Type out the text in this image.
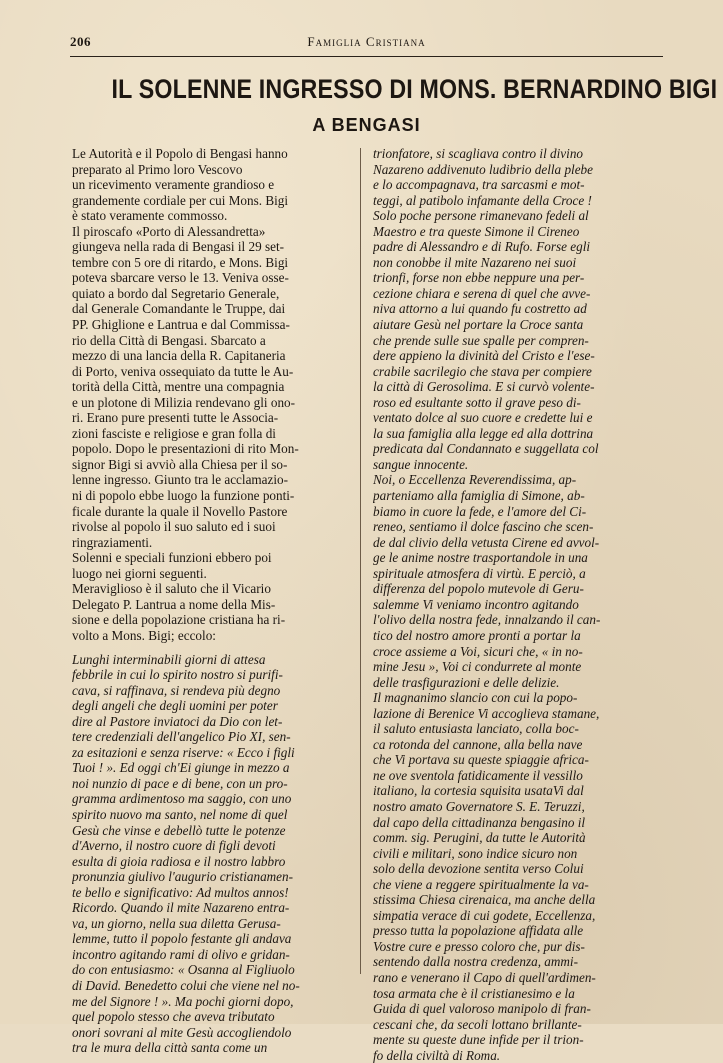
206	Famiglia Cristiana
IL SOLENNE INGRESSO DI MONS. BERNARDINO BIGI
A BENGASI
Le Autorità e il Popolo di Bengasi hanno
preparato al Primo loro Vescovo
un ricevimento veramente grandioso e
grandemente cordiale per cui Mons. Bigi
è stato veramente commosso.
Il piroscafo «Porto di Alessandretta»
giungeva nella rada di Bengasi il 29 set-
tembre con 5 ore di ritardo, e Mons. Bigi
poteva sbarcare verso le 13. Veniva osse-
quiato a bordo dal Segretario Generale,
dal Generale Comandante le Truppe, dai
PP. Ghiglione e Lantrua e dal Commissa-
rio della Città di Bengasi. Sbarcato a
mezzo di una lancia della R. Capitaneria
di Porto, veniva ossequiato da tutte le Au-
torità della Città, mentre una compagnia
e un plotone di Milizia rendevano gli ono-
ri. Erano pure presenti tutte le Associa-
zioni fasciste e religiose e gran folla di
popolo. Dopo le presentazioni di rito Mon-
signor Bigi si avviò alla Chiesa per il so-
lenne ingresso. Giunto tra le acclamazio-
ni di popolo ebbe luogo la funzione ponti-
ficale durante la quale il Novello Pastore
rivolse al popolo il suo saluto ed i suoi
ringraziamenti.
Solenni e speciali funzioni ebbero poi
luogo nei giorni seguenti.
Meraviglioso è il saluto che il Vicario
Delegato P. Lantrua a nome della Mis-
sione e della popolazione cristiana ha ri-
volto a Mons. Bigi; eccolo:
Lunghi interminabili giorni di attesa
febbrile in cui lo spirito nostro si purifi-
cava, si raffinava, si rendeva più degno
degli angeli che degli uomini per poter
dire al Pastore inviatoci da Dio con let-
tere credenziali dell'angelico Pio XI, sen-
za esitazioni e senza riserve: « Ecco i figli
Tuoi ! ». Ed oggi ch'Ei giunge in mezzo a
noi nunzio di pace e di bene, con un pro-
gramma ardimentoso ma saggio, con uno
spirito nuovo ma santo, nel nome di quel
Gesù che vinse e debellò tutte le potenze
d'Averno, il nostro cuore di figli devoti
esulta di gioia radiosa e il nostro labbro
pronunzia giulivo l'augurio cristianamen-
te bello e significativo: Ad multos annos!
Ricordo. Quando il mite Nazareno entra-
va, un giorno, nella sua diletta Gerusa-
lemme, tutto il popolo festante gli andava
incontro agitando rami di olivo e gridan-
do con entusiasmo: « Osanna al Figliuolo
di David. Benedetto colui che viene nel no-
me del Signore ! ». Ma pochi giorni dopo,
quel popolo stesso che aveva tributato
onori sovrani al mite Gesù accogliendolo
tra le mura della città santa come un
trionfatore, si scagliava contro il divino
Nazareno addivenuto ludibrio della plebe
e lo accompagnava, tra sarcasmi e mot-
teggi, al patibolo infamante della Croce !
Solo poche persone rimanevano fedeli al
Maestro e tra queste Simone il Cireneo
padre di Alessandro e di Rufo. Forse egli
non conobbe il mite Nazareno nei suoi
trionfi, forse non ebbe neppure una per-
cezione chiara e serena di quel che avve-
niva attorno a lui quando fu costretto ad
aiutare Gesù nel portare la Croce santa
che prende sulle sue spalle per compren-
dere appieno la divinità del Cristo e l'ese-
crabile sacrilegio che stava per compiere
la città di Gerosolima. E si curvò volente-
roso ed esultante sotto il grave peso di-
ventato dolce al suo cuore e credette lui e
la sua famiglia alla legge ed alla dottrina
predicata dal Condannato e suggellata col
sangue innocente.
Noi, o Eccellenza Reverendissima, ap-
parteniamo alla famiglia di Simone, ab-
biamo in cuore la fede, e l'amore del Ci-
reneo, sentiamo il dolce fascino che scen-
de dal clivio della vetusta Cirene ed avvol-
ge le anime nostre trasportandole in una
spirituale atmosfera di virtù. E perciò, a
differenza del popolo mutevole di Geru-
salemme Vi veniamo incontro agitando
l'olivo della nostra fede, innalzando il can-
tico del nostro amore pronti a portar la
croce assieme a Voi, sicuri che, « in no-
mine Jesu », Voi ci condurrete al monte
delle trasfigurazioni e delle delizie.
Il magnanimo slancio con cui la popo-
lazione di Berenice Vi accoglieva stamane,
il saluto entusiasta lanciato, colla boc-
ca rotonda del cannone, alla bella nave
che Vi portava su queste spiaggie africa-
ne ove sventola fatidicamente il vessillo
italiano, la cortesia squisita usataVi dal
nostro amato Governatore S. E. Teruzzi,
dal capo della cittadinanza bengasino il
comm. sig. Perugini, da tutte le Autorità
civili e militari, sono indice sicuro non
solo della devozione sentita verso Colui
che viene a reggere spiritualmente la va-
stissima Chiesa cirenaica, ma anche della
simpatia verace di cui godete, Eccellenza,
presso tutta la popolazione affidata alle
Vostre cure e presso coloro che, pur dis-
sentendo dalla nostra credenza, ammi-
rano e venerano il Capo di quell'ardimen-
tosa armata che è il cristianesimo e la
Guida di quel valoroso manipolo di fran-
cescani che, da secoli lottano brillante-
mente su queste dune infide per il trion-
fo della civiltà di Roma.
